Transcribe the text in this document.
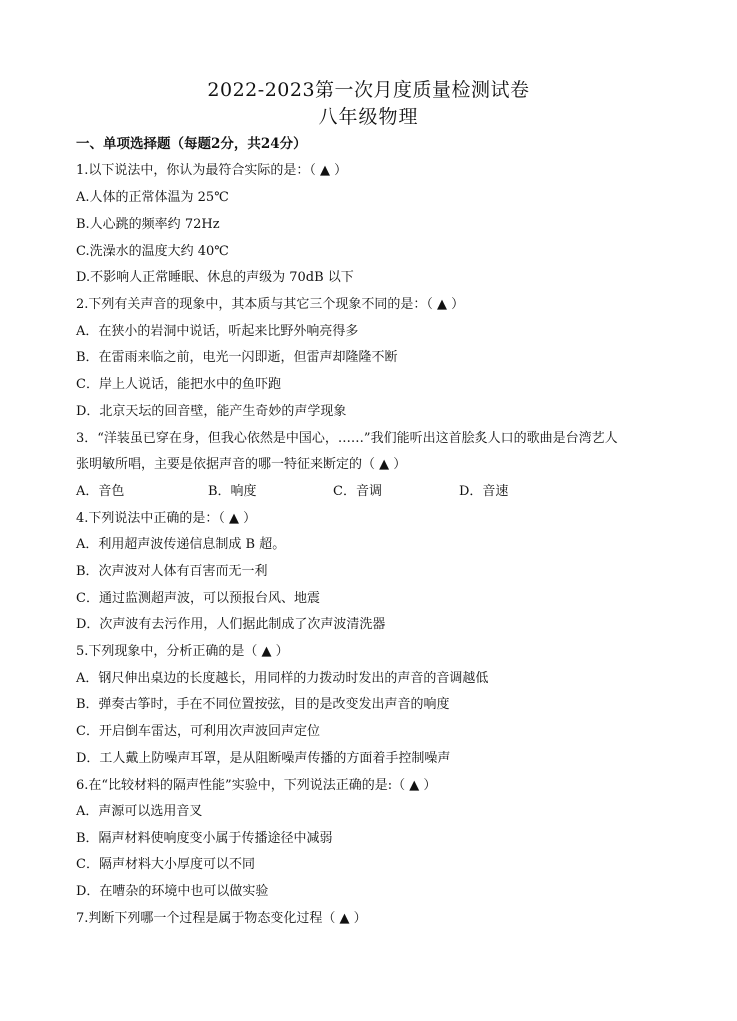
2022-2023第一次月度质量检测试卷
八年级物理
一、单项选择题（每题2分，共24分）
1.以下说法中，你认为最符合实际的是：（ ▲ ）
A.人体的正常体温为 25℃
B.人心跳的频率约 72Hz
C.洗澡水的温度大约 40℃
D.不影响人正常睡眠、休息的声级为 70dB 以下
2.下列有关声音的现象中，其本质与其它三个现象不同的是：（ ▲ ）
A．在狭小的岩洞中说话，听起来比野外响亮得多
B．在雷雨来临之前，电光一闪即逝，但雷声却隆隆不断
C．岸上人说话，能把水中的鱼吓跑
D．北京天坛的回音壁，能产生奇妙的声学现象
3．“洋装虽已穿在身，但我心依然是中国心，……”我们能听出这首脍炙人口的歌曲是台湾艺人
张明敏所唱，主要是依据声音的哪一特征来断定的（ ▲ ）
A．音色	B．响度	C．音调	D．音速
4.下列说法中正确的是：（ ▲ ）
A．利用超声波传递信息制成 B 超。
B．次声波对人体有百害而无一利
C．通过监测超声波，可以预报台风、地震
D．次声波有去污作用，人们据此制成了次声波清洗器
5.下列现象中，分析正确的是（ ▲ ）
A．钢尺伸出桌边的长度越长，用同样的力拨动时发出的声音的音调越低
B．弹奏古筝时，手在不同位置按弦，目的是改变发出声音的响度
C．开启倒车雷达，可利用次声波回声定位
D．工人戴上防噪声耳罩，是从阻断噪声传播的方面着手控制噪声
6.在“比较材料的隔声性能”实验中，下列说法正确的是:（ ▲ ）
A．声源可以选用音叉
B．隔声材料使响度变小属于传播途径中减弱
C．隔声材料大小厚度可以不同
D．在嘈杂的环境中也可以做实验
7.判断下列哪一个过程是属于物态变化过程（ ▲ ）
